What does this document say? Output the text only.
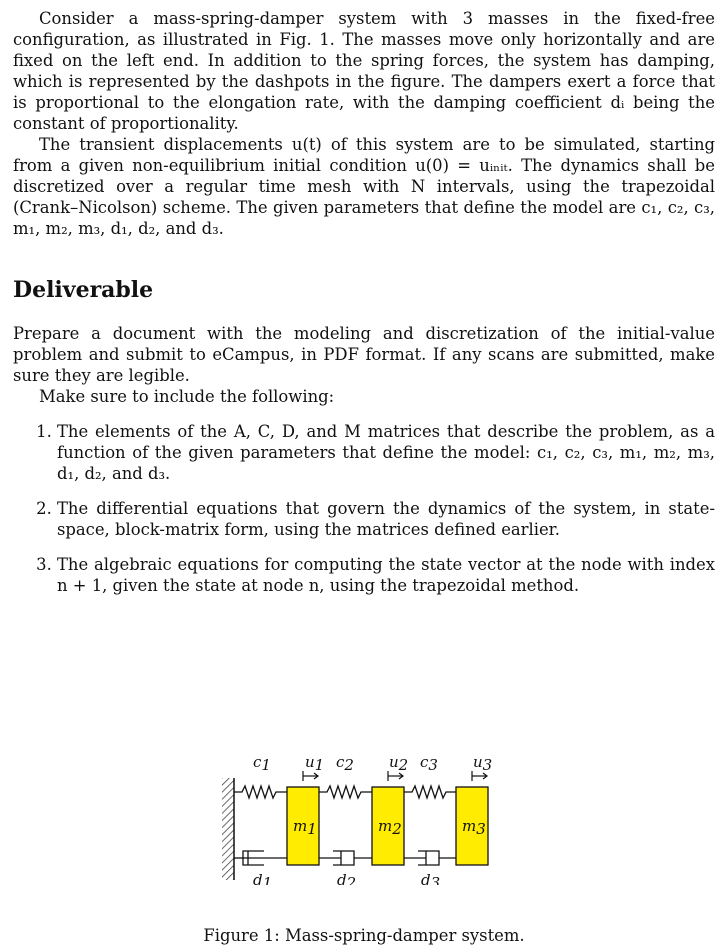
Consider a mass-spring-damper system with 3 masses in the fixed-free configuration, as illustrated in Fig. 1. The masses move only horizontally and are fixed on the left end. In addition to the spring forces, the system has damping, which is represented by the dashpots in the figure. The dampers exert a force that is proportional to the elongation rate, with the damping coefficient dᵢ being the constant of proportionality.

The transient displacements u(t) of this system are to be simulated, starting from a given non-equilibrium initial condition u(0) = uᵢₙᵢₜ. The dynamics shall be discretized over a regular time mesh with N intervals, using the trapezoidal (Crank–Nicolson) scheme. The given parameters that define the model are c₁, c₂, c₃, m₁, m₂, m₃, d₁, d₂, and d₃.

Deliverable

Prepare a document with the modeling and discretization of the initial-value problem and submit to eCampus, in PDF format. If any scans are submitted, make sure they are legible.

Make sure to include the following:

1. The elements of the A, C, D, and M matrices that describe the problem, as a function of the given parameters that define the model: c₁, c₂, c₃, m₁, m₂, m₃, d₁, d₂, and d₃.
2. The differential equations that govern the dynamics of the system, in state-space, block-matrix form, using the matrices defined earlier.
3. The algebraic equations for computing the state vector at the node with index n + 1, given the state at node n, using the trapezoidal method.
c1 u1 c2 u2 c3 u3
m1	m2	m3
d1	d2	d3
Figure 1: Mass-spring-damper system.
